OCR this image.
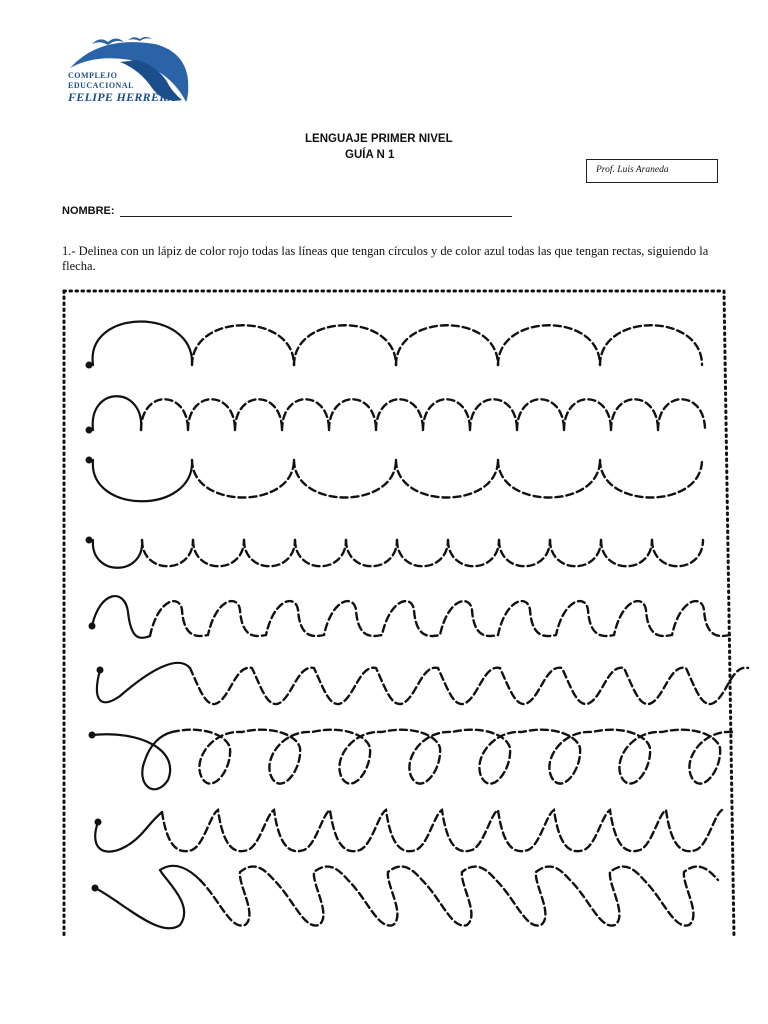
COMPLEJO
EDUCACIONAL
FELIPE HERRERA
LENGUAJE PRIMER NIVEL
GUÍA N 1
Prof. Luis Araneda
NOMBRE:
1.- Delinea con un lápiz de color rojo todas las líneas que tengan círculos y de color azul todas las que tengan rectas, siguiendo la flecha.
